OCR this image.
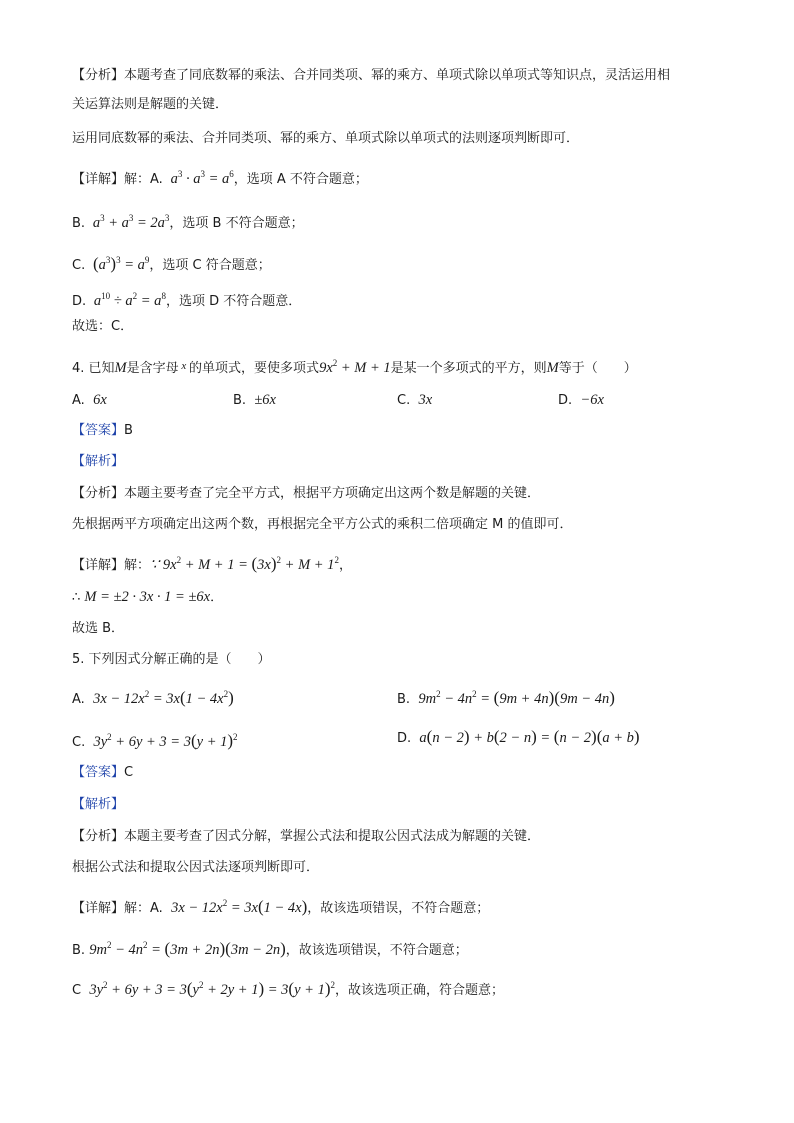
【分析】本题考查了同底数幂的乘法、合并同类项、幂的乘方、单项式除以单项式等知识点，灵活运用相
关运算法则是解题的关键．
运用同底数幂的乘法、合并同类项、幂的乘方、单项式除以单项式的法则逐项判断即可．
【详解】解：A.  $a^3 \cdot a^3 = a^6$，选项 A 不符合题意；
B.  $a^3 + a^3 = 2a^3$，选项 B 不符合题意；
C. $(a^3)^3 = a^9$，选项 C 符合题意；
D.  $a^{10} \div a^2 = a^8$，选项 D 不符合题意．
故选：C．
4. 已知M是含字母 $^x$ 的单项式，要使多项式$9x^2 + M + 1$是某一个多项式的平方，则M等于（　　）
A. 6x	B. ±6x	C. 3x	D. −6x
【答案】B
【解析】
【分析】本题主要考查了完全平方式，根据平方项确定出这两个数是解题的关键．
先根据两平方项确定出这两个数，再根据完全平方公式的乘积二倍项确定 M 的值即可．
【详解】解：∵ $9x^2 + M + 1 = (3x)^2 + M + 1^2$，
∴ M = ±2 · 3x · 1 = ±6x．
故选 B．
5. 下列因式分解正确的是（　　）
A. $3x - 12x^2 = 3x(1 - 4x^2)$	B. $9m^2 - 4n^2 = (9m + 4n)(9m - 4n)$
C. $3y^2 + 6y + 3 = 3(y + 1)^2$	D. a(n − 2) + b(2 − n) = (n − 2)(a + b)
【答案】C
【解析】
【分析】本题主要考查了因式分解，掌握公式法和提取公因式法成为解题的关键．
根据公式法和提取公因式法逐项判断即可．
【详解】解：A. $3x - 12x^2 = 3x(1 - 4x)$，故该选项错误，不符合题意；
B. $9m^2 - 4n^2 = (3m + 2n)(3m - 2n)$，故该选项错误，不符合题意；
C $3y^2 + 6y + 3 = 3(y^2 + 2y + 1) = 3(y + 1)^2$，故该选项正确，符合题意；
